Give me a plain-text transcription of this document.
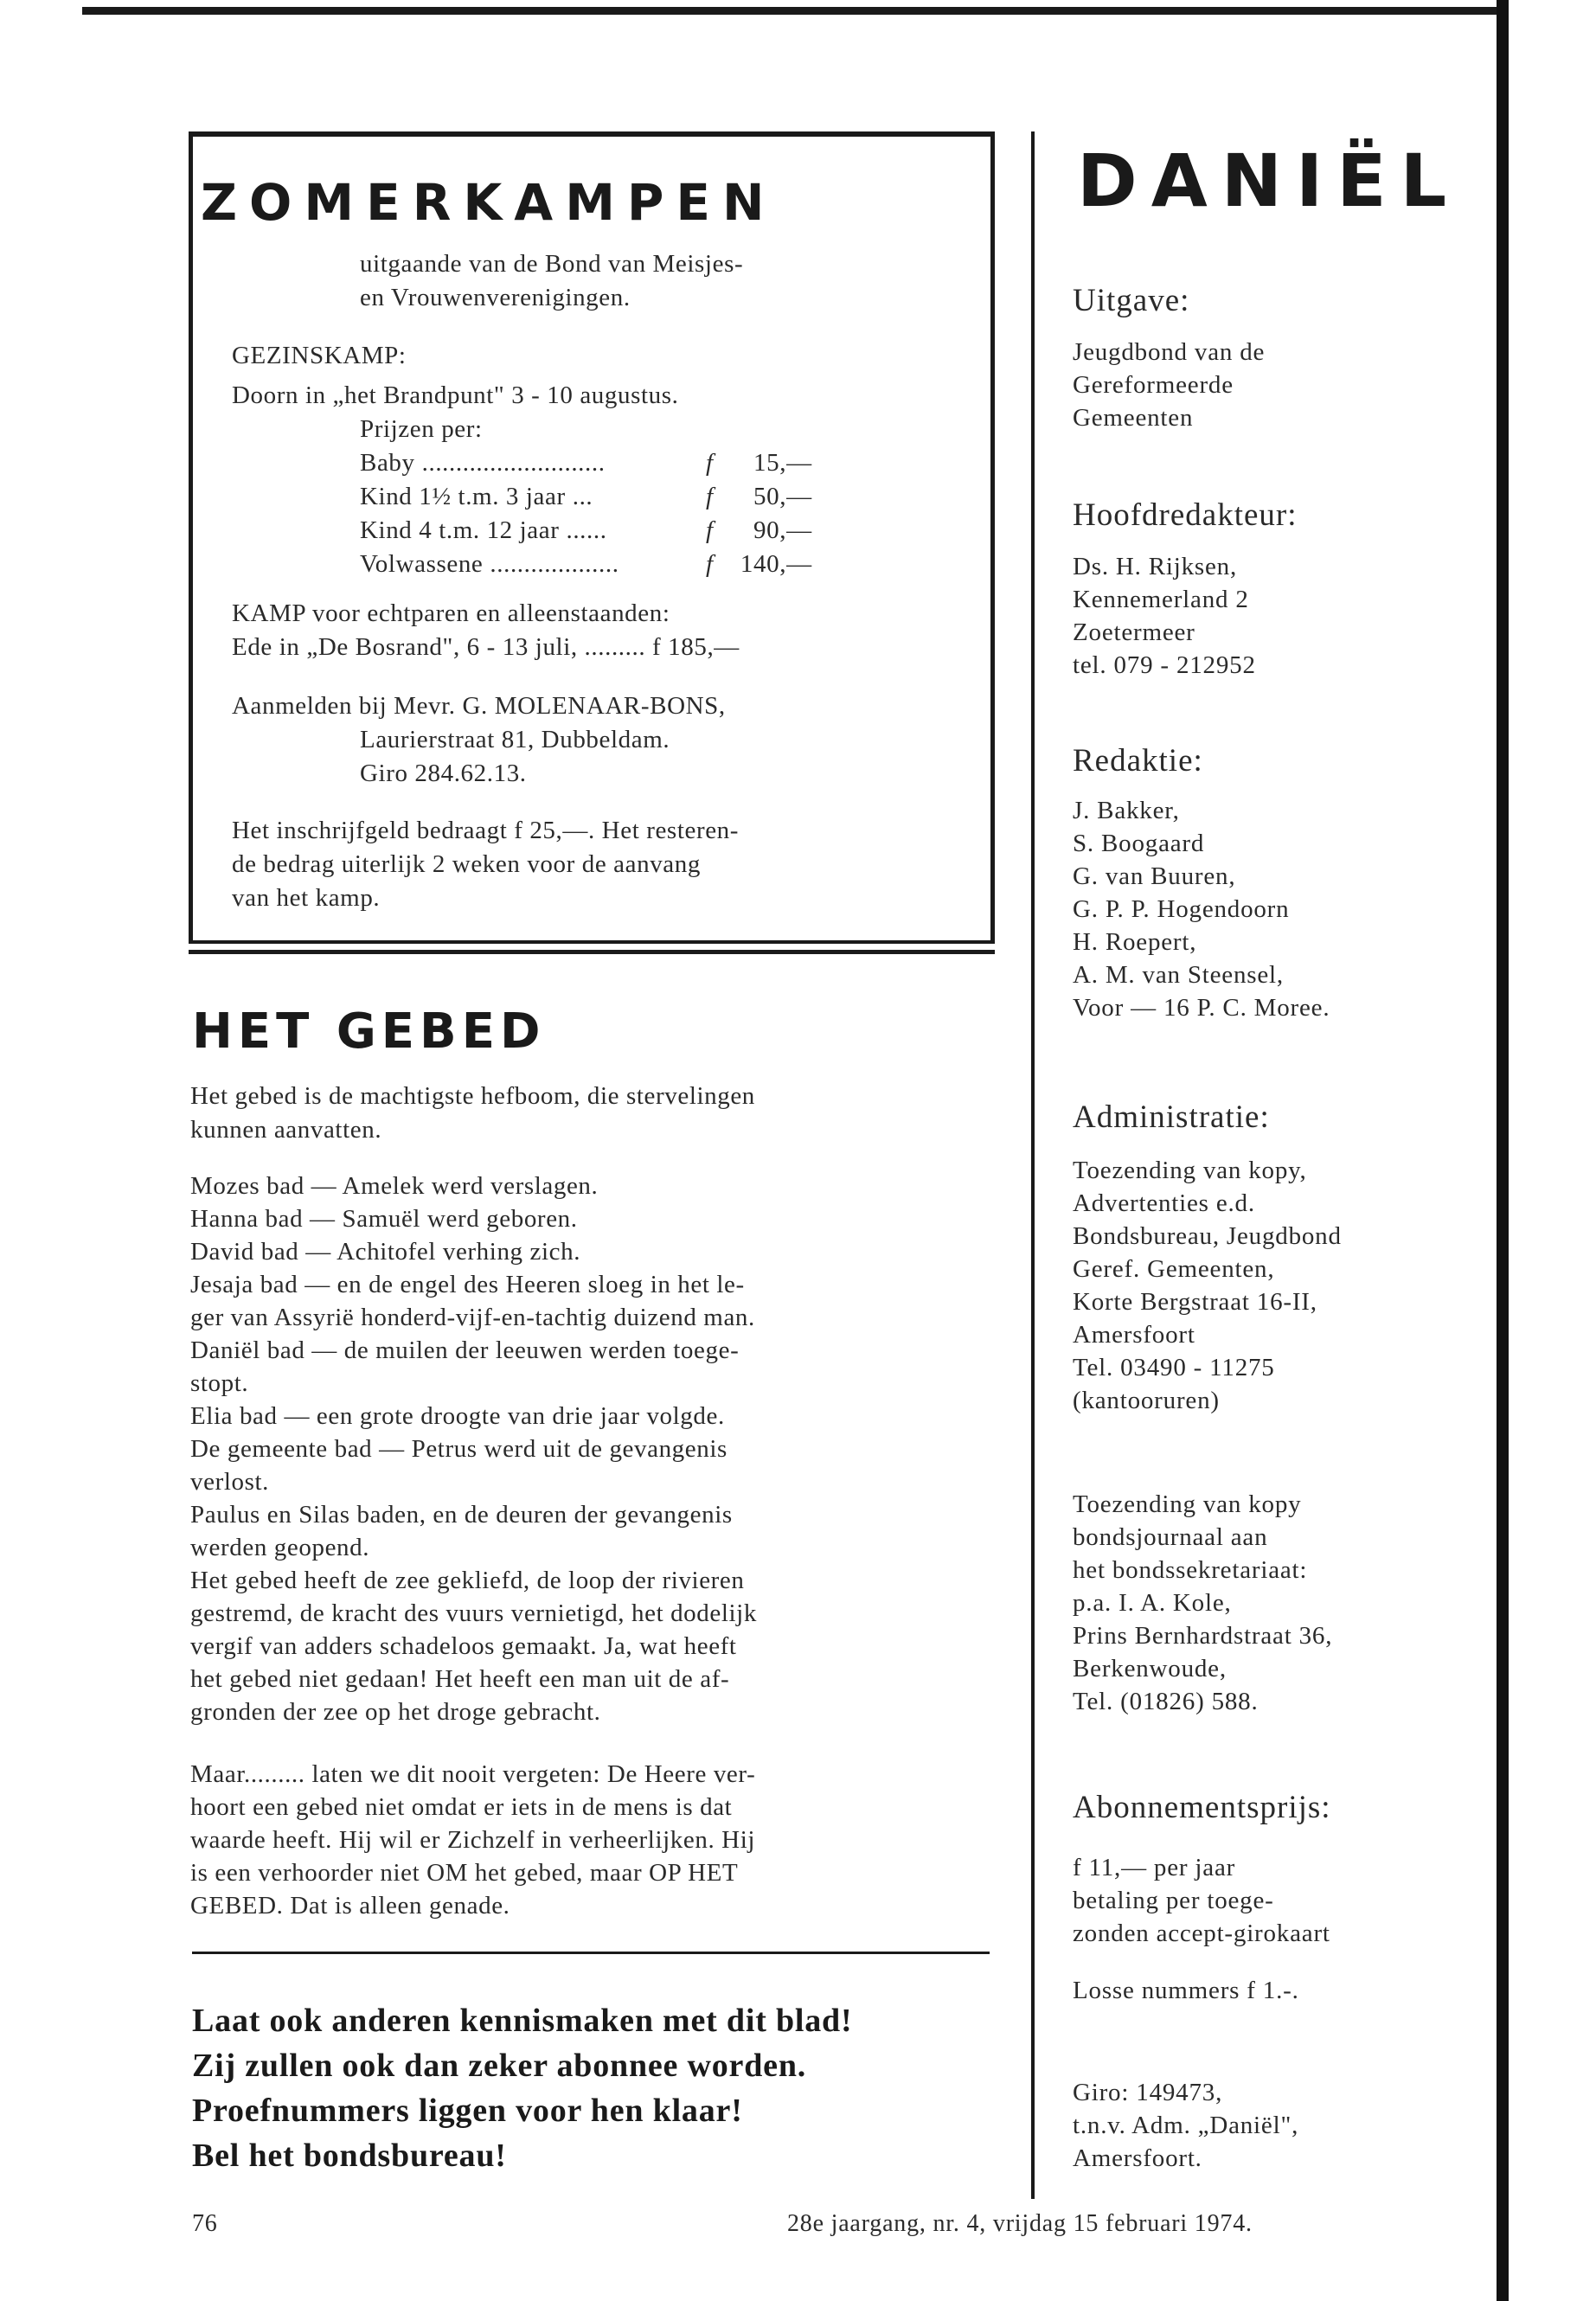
ZOMERKAMPEN
uitgaande van de Bond van Meisjes-
en Vrouwenverenigingen.
GEZINSKAMP:
Doorn in „het Brandpunt" 3 - 10 augustus.
Prijzen per:
Baby ...........................	f	15,—
Kind 1½ t.m. 3 jaar ...	f	50,—
Kind 4 t.m. 12 jaar ......	f	90,—
Volwassene ...................	f	140,—
KAMP voor echtparen en alleenstaanden:
Ede in „De Bosrand", 6 - 13 juli, ......... f 185,—
Aanmelden bij Mevr. G. MOLENAAR-BONS,
Laurierstraat 81, Dubbeldam.
Giro 284.62.13.
Het inschrijfgeld bedraagt f 25,—. Het resteren-
de bedrag uiterlijk 2 weken voor de aanvang
van het kamp.
HET GEBED
Het gebed is de machtigste hefboom, die stervelingen
kunnen aanvatten.
Mozes bad — Amelek werd verslagen.
Hanna bad — Samuël werd geboren.
David bad — Achitofel verhing zich.
Jesaja bad — en de engel des Heeren sloeg in het le-
ger van Assyrië honderd-vijf-en-tachtig duizend man.
Daniël bad — de muilen der leeuwen werden toege-
stopt.
Elia bad — een grote droogte van drie jaar volgde.
De gemeente bad — Petrus werd uit de gevangenis
verlost.
Paulus en Silas baden, en de deuren der gevangenis
werden geopend.
Het gebed heeft de zee gekliefd, de loop der rivieren
gestremd, de kracht des vuurs vernietigd, het dodelijk
vergif van adders schadeloos gemaakt. Ja, wat heeft
het gebed niet gedaan! Het heeft een man uit de af-
gronden der zee op het droge gebracht.
Maar......... laten we dit nooit vergeten: De Heere ver-
hoort een gebed niet omdat er iets in de mens is dat
waarde heeft. Hij wil er Zichzelf in verheerlijken. Hij
is een verhoorder niet OM het gebed, maar OP HET
GEBED. Dat is alleen genade.
Laat ook anderen kennismaken met dit blad!
Zij zullen ook dan zeker abonnee worden.
Proefnummers liggen voor hen klaar!
Bel het bondsbureau!
DANIËL
Uitgave:
Jeugdbond van de
Gereformeerde
Gemeenten
Hoofdredakteur:
Ds. H. Rijksen,
Kennemerland 2
Zoetermeer
tel. 079 - 212952
Redaktie:
J. Bakker,
S. Boogaard
G. van Buuren,
G. P. P. Hogendoorn
H. Roepert,
A. M. van Steensel,
Voor — 16 P. C. Moree.
Administratie:
Toezending van kopy,
Advertenties e.d.
Bondsbureau, Jeugdbond
Geref. Gemeenten,
Korte Bergstraat 16-II,
Amersfoort
Tel. 03490 - 11275
(kantooruren)
Toezending van kopy
bondsjournaal aan
het bondssekretariaat:
p.a. I. A. Kole,
Prins Bernhardstraat 36,
Berkenwoude,
Tel. (01826) 588.
Abonnementsprijs:
f 11,— per jaar
betaling per toege-
zonden accept-girokaart
Losse nummers f 1.-.
Giro: 149473,
t.n.v. Adm. „Daniël",
Amersfoort.
76	28e jaargang, nr. 4, vrijdag 15 februari 1974.
